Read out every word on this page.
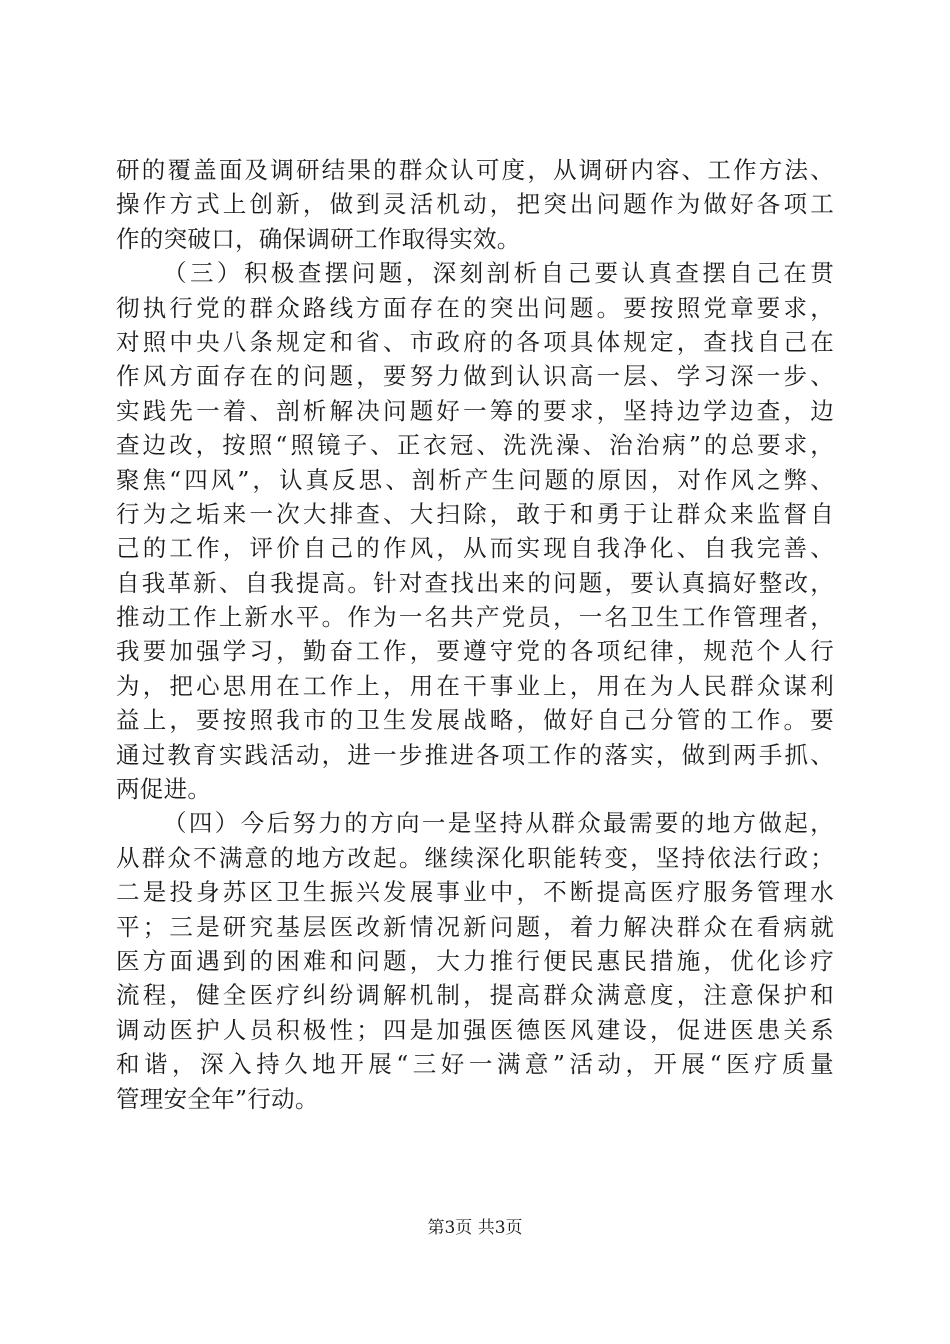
研的覆盖面及调研结果的群众认可度，从调研内容、工作方法、
操作方式上创新，做到灵活机动，把突出问题作为做好各项工
作的突破口，确保调研工作取得实效。
（三）积极查摆问题，深刻剖析自己要认真查摆自己在贯
彻执行党的群众路线方面存在的突出问题。要按照党章要求，
对照中央八条规定和省、市政府的各项具体规定，查找自己在
作风方面存在的问题，要努力做到认识高一层、学习深一步、
实践先一着、剖析解决问题好一筹的要求，坚持边学边查，边
查边改，按照“照镜子、正衣冠、洗洗澡、治治病”的总要求，
聚焦“四风”，认真反思、剖析产生问题的原因，对作风之弊、
行为之垢来一次大排查、大扫除，敢于和勇于让群众来监督自
己的工作，评价自己的作风，从而实现自我净化、自我完善、
自我革新、自我提高。针对查找出来的问题，要认真搞好整改，
推动工作上新水平。作为一名共产党员，一名卫生工作管理者，
我要加强学习，勤奋工作，要遵守党的各项纪律，规范个人行
为，把心思用在工作上，用在干事业上，用在为人民群众谋利
益上，要按照我市的卫生发展战略，做好自己分管的工作。要
通过教育实践活动，进一步推进各项工作的落实，做到两手抓、
两促进。
（四）今后努力的方向一是坚持从群众最需要的地方做起，
从群众不满意的地方改起。继续深化职能转变，坚持依法行政；
二是投身苏区卫生振兴发展事业中，不断提高医疗服务管理水
平；三是研究基层医改新情况新问题，着力解决群众在看病就
医方面遇到的困难和问题，大力推行便民惠民措施，优化诊疗
流程，健全医疗纠纷调解机制，提高群众满意度，注意保护和
调动医护人员积极性；四是加强医德医风建设，促进医患关系
和谐，深入持久地开展“三好一满意”活动，开展“医疗质量
管理安全年”行动。
第3页 共3页
